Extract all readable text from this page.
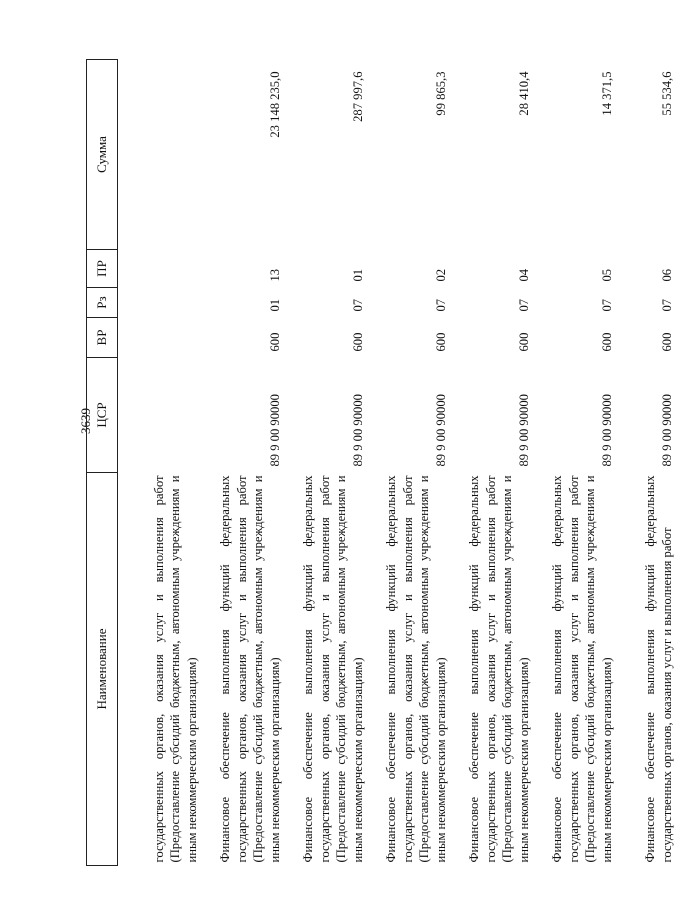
3639
Наименование	ЦСР	ВР	Рз	ПР	Сумма
государственных органов, оказания услуг и выполнения работ (Предоставление субсидий бюджетным, автономным учреждениям и иным некоммерческим организациям)					
Финансовое обеспечение выполнения функций федеральных государственных органов, оказания услуг и выполнения работ (Предоставление субсидий бюджетным, автономным учреждениям и иным некоммерческим организациям)	89 9 00 90000	600	01	13	23 148 235,0
Финансовое обеспечение выполнения функций федеральных государственных органов, оказания услуг и выполнения работ (Предоставление субсидий бюджетным, автономным учреждениям и иным некоммерческим организациям)	89 9 00 90000	600	07	01	287 997,6
Финансовое обеспечение выполнения функций федеральных государственных органов, оказания услуг и выполнения работ (Предоставление субсидий бюджетным, автономным учреждениям и иным некоммерческим организациям)	89 9 00 90000	600	07	02	99 865,3
Финансовое обеспечение выполнения функций федеральных государственных органов, оказания услуг и выполнения работ (Предоставление субсидий бюджетным, автономным учреждениям и иным некоммерческим организациям)	89 9 00 90000	600	07	04	28 410,4
Финансовое обеспечение выполнения функций федеральных государственных органов, оказания услуг и выполнения работ (Предоставление субсидий бюджетным, автономным учреждениям и иным некоммерческим организациям)	89 9 00 90000	600	07	05	14 371,5
Финансовое обеспечение выполнения функций федеральных государственных органов, оказания услуг и выполнения работ	89 9 00 90000	600	07	06	55 534,6
